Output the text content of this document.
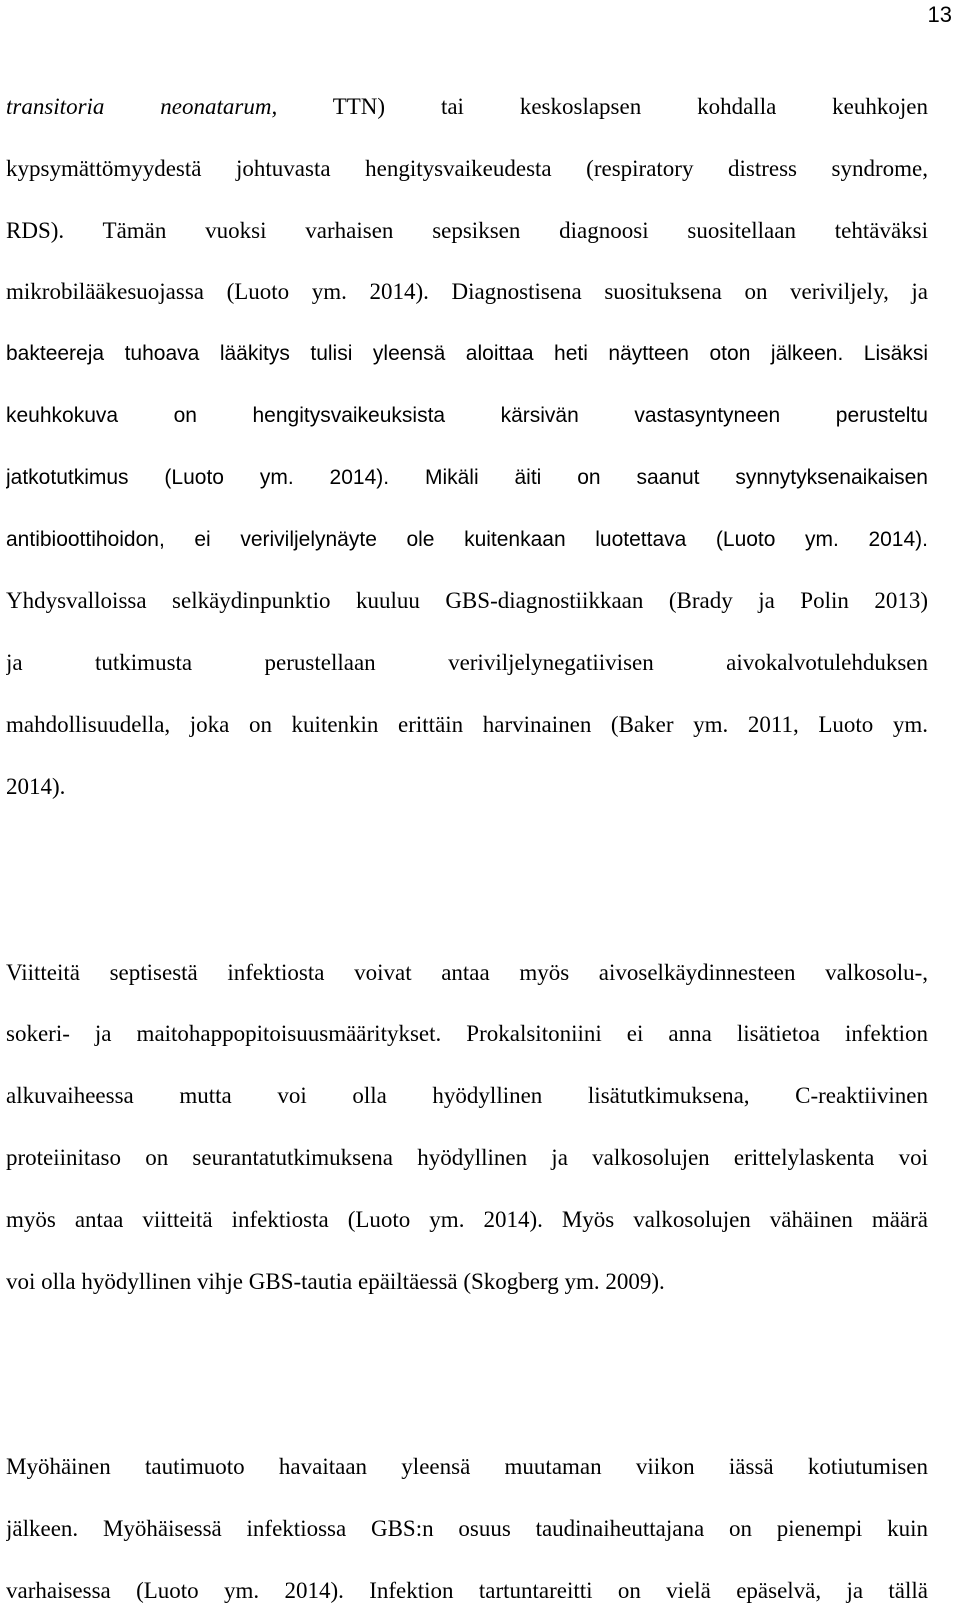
13
transitoria neonatarum, TTN) tai keskoslapsen kohdalla keuhkojen
kypsymättömyydestä johtuvasta hengitysvaikeudesta (respiratory distress syndrome,
RDS). Tämän vuoksi varhaisen sepsiksen diagnoosi suositellaan tehtäväksi
mikrobilääkesuojassa (Luoto ym. 2014). Diagnostisena suosituksena on veriviljely, ja
bakteereja tuhoava lääkitys tulisi yleensä aloittaa heti näytteen oton jälkeen. Lisäksi
keuhkokuva on hengitysvaikeuksista kärsivän vastasyntyneen perusteltu
jatkotutkimus (Luoto ym. 2014). Mikäli äiti on saanut synnytyksenaikaisen
antibioottihoidon, ei veriviljelynäyte ole kuitenkaan luotettava (Luoto ym. 2014).
Yhdysvalloissa selkäydinpunktio kuuluu GBS-diagnostiikkaan (Brady ja Polin 2013)
ja tutkimusta perustellaan veriviljelynegatiivisen aivokalvotulehduksen
mahdollisuudella, joka on kuitenkin erittäin harvinainen (Baker ym. 2011, Luoto ym.
2014).
Viitteitä septisestä infektiosta voivat antaa myös aivoselkäydinnesteen valkosolu-,
sokeri- ja maitohappopitoisuusmääritykset. Prokalsitoniini ei anna lisätietoa infektion
alkuvaiheessa mutta voi olla hyödyllinen lisätutkimuksena, C-reaktiivinen
proteiinitaso on seurantatutkimuksena hyödyllinen ja valkosolujen erittelylaskenta voi
myös antaa viitteitä infektiosta (Luoto ym. 2014). Myös valkosolujen vähäinen määrä
voi olla hyödyllinen vihje GBS-tautia epäiltäessä (Skogberg ym. 2009).
Myöhäinen tautimuoto havaitaan yleensä muutaman viikon iässä kotiutumisen
jälkeen. Myöhäisessä infektiossa GBS:n osuus taudinaiheuttajana on pienempi kuin
varhaisessa (Luoto ym. 2014). Infektion tartuntareitti on vielä epäselvä, ja tällä
